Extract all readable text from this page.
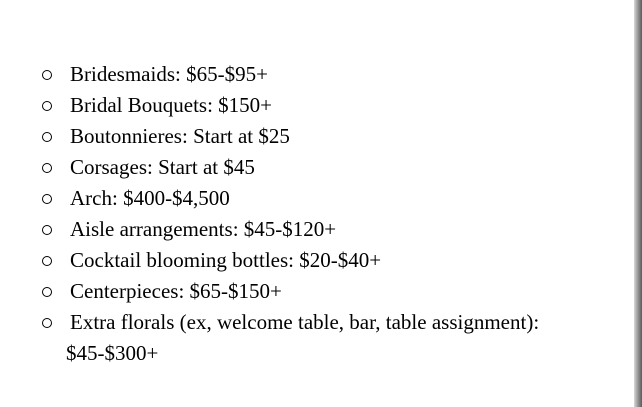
Bridesmaids: $65-$95+
Bridal Bouquets: $150+
Boutonnieres: Start at $25
Corsages: Start at $45
Arch: $400-$4,500
Aisle arrangements: $45-$120+
Cocktail blooming bottles: $20-$40+
Centerpieces: $65-$150+
Extra florals (ex, welcome table, bar, table assignment):
$45-$300+
